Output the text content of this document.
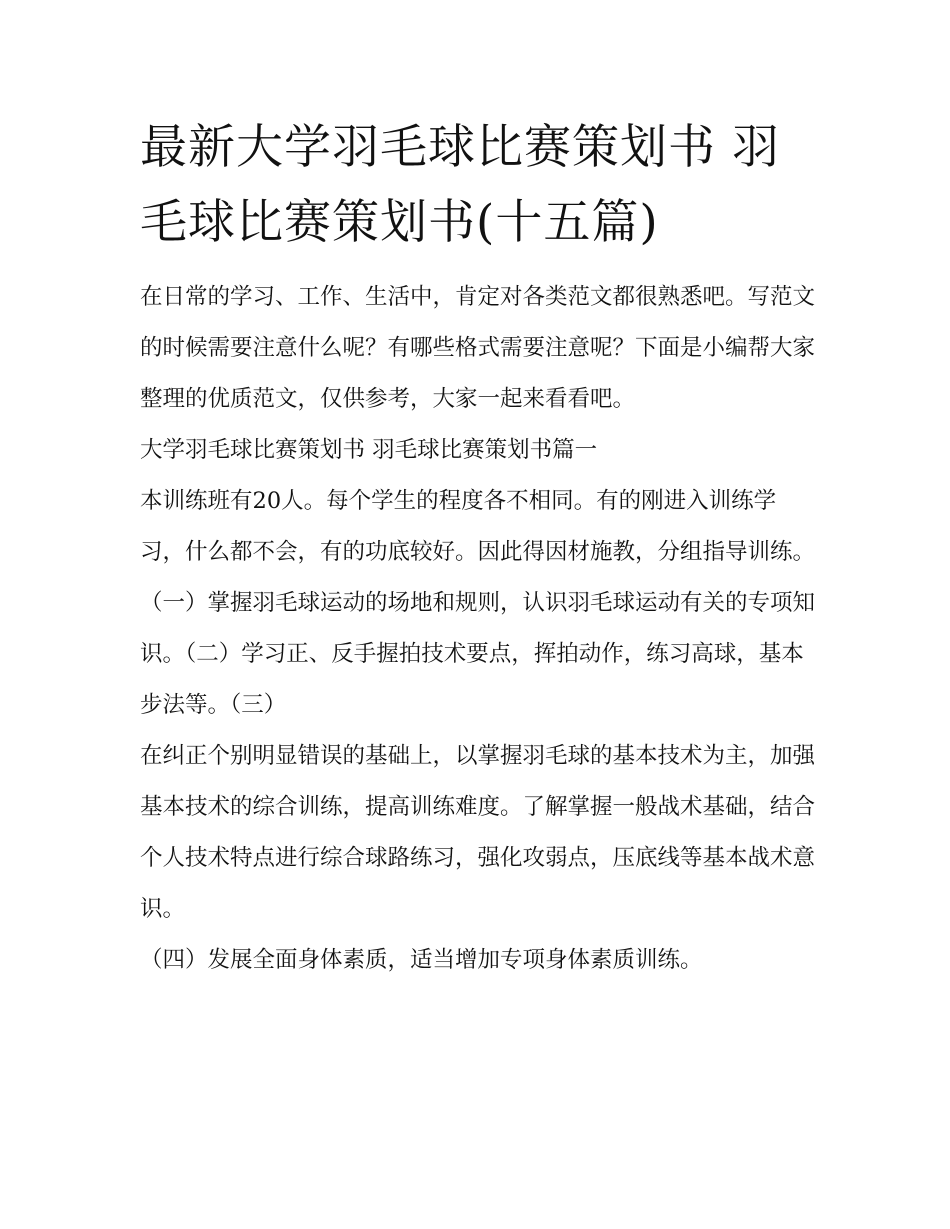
最新大学羽毛球比赛策划书 羽毛球比赛策划书(十五篇)

在日常的学习、工作、生活中，肯定对各类范文都很熟悉吧。写范文的时候需要注意什么呢？有哪些格式需要注意呢？下面是小编帮大家整理的优质范文，仅供参考，大家一起来看看吧。

大学羽毛球比赛策划书 羽毛球比赛策划书篇一

本训练班有20人。每个学生的程度各不相同。有的刚进入训练学习，什么都不会，有的功底较好。因此得因材施教，分组指导训练。

（一）掌握羽毛球运动的场地和规则，认识羽毛球运动有关的专项知识。（二）学习正、反手握拍技术要点，挥拍动作，练习高球，基本步法等。（三）

在纠正个别明显错误的基础上，以掌握羽毛球的基本技术为主，加强基本技术的综合训练，提高训练难度。了解掌握一般战术基础，结合个人技术特点进行综合球路练习，强化攻弱点，压底线等基本战术意识。

（四）发展全面身体素质，适当增加专项身体素质训练。
